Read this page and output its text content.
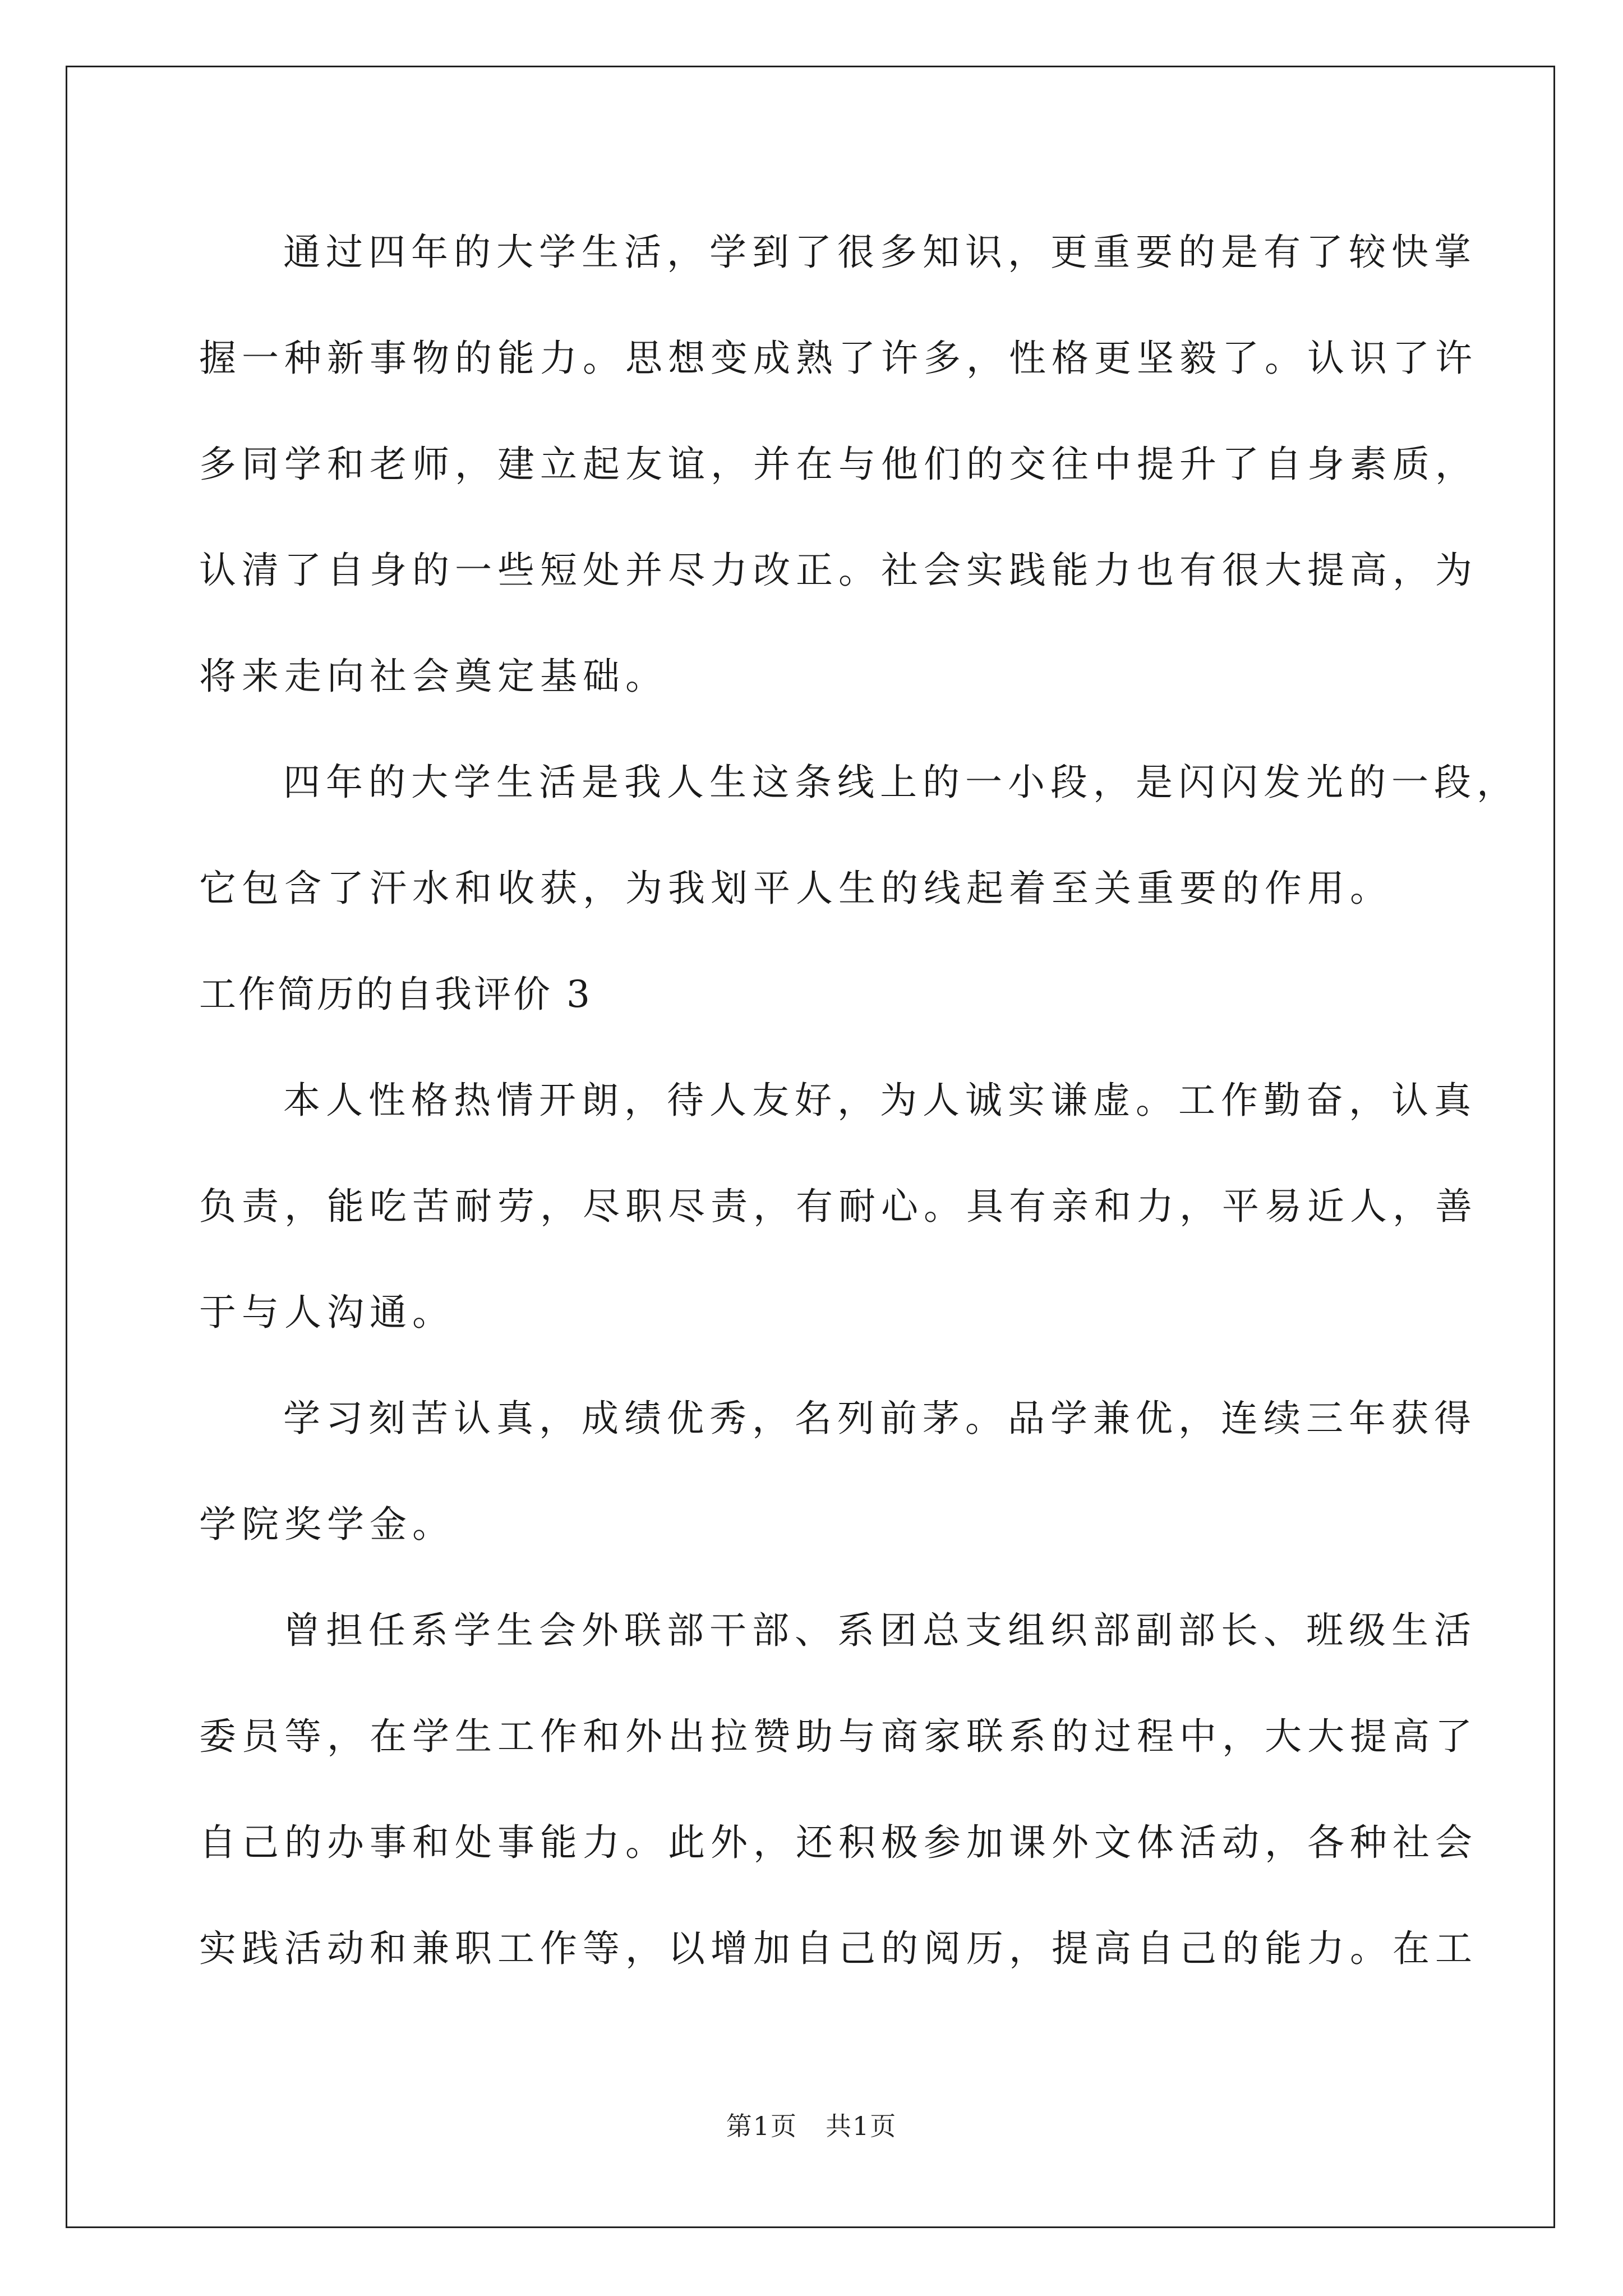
通过四年的大学生活，学到了很多知识，更重要的是有了较快掌
握一种新事物的能力。思想变成熟了许多，性格更坚毅了。认识了许
多同学和老师，建立起友谊，并在与他们的交往中提升了自身素质，
认清了自身的一些短处并尽力改正。社会实践能力也有很大提高，为
将来走向社会奠定基础。
四年的大学生活是我人生这条线上的一小段，是闪闪发光的一段，
它包含了汗水和收获，为我划平人生的线起着至关重要的作用。
工作简历的自我评价 3
本人性格热情开朗，待人友好，为人诚实谦虚。工作勤奋，认真
负责，能吃苦耐劳，尽职尽责，有耐心。具有亲和力，平易近人，善
于与人沟通。
学习刻苦认真，成绩优秀，名列前茅。品学兼优，连续三年获得
学院奖学金。
曾担任系学生会外联部干部、系团总支组织部副部长、班级生活
委员等，在学生工作和外出拉赞助与商家联系的过程中，大大提高了
自己的办事和处事能力。此外，还积极参加课外文体活动，各种社会
实践活动和兼职工作等，以增加自己的阅历，提高自己的能力。在工
第1页 共1页
